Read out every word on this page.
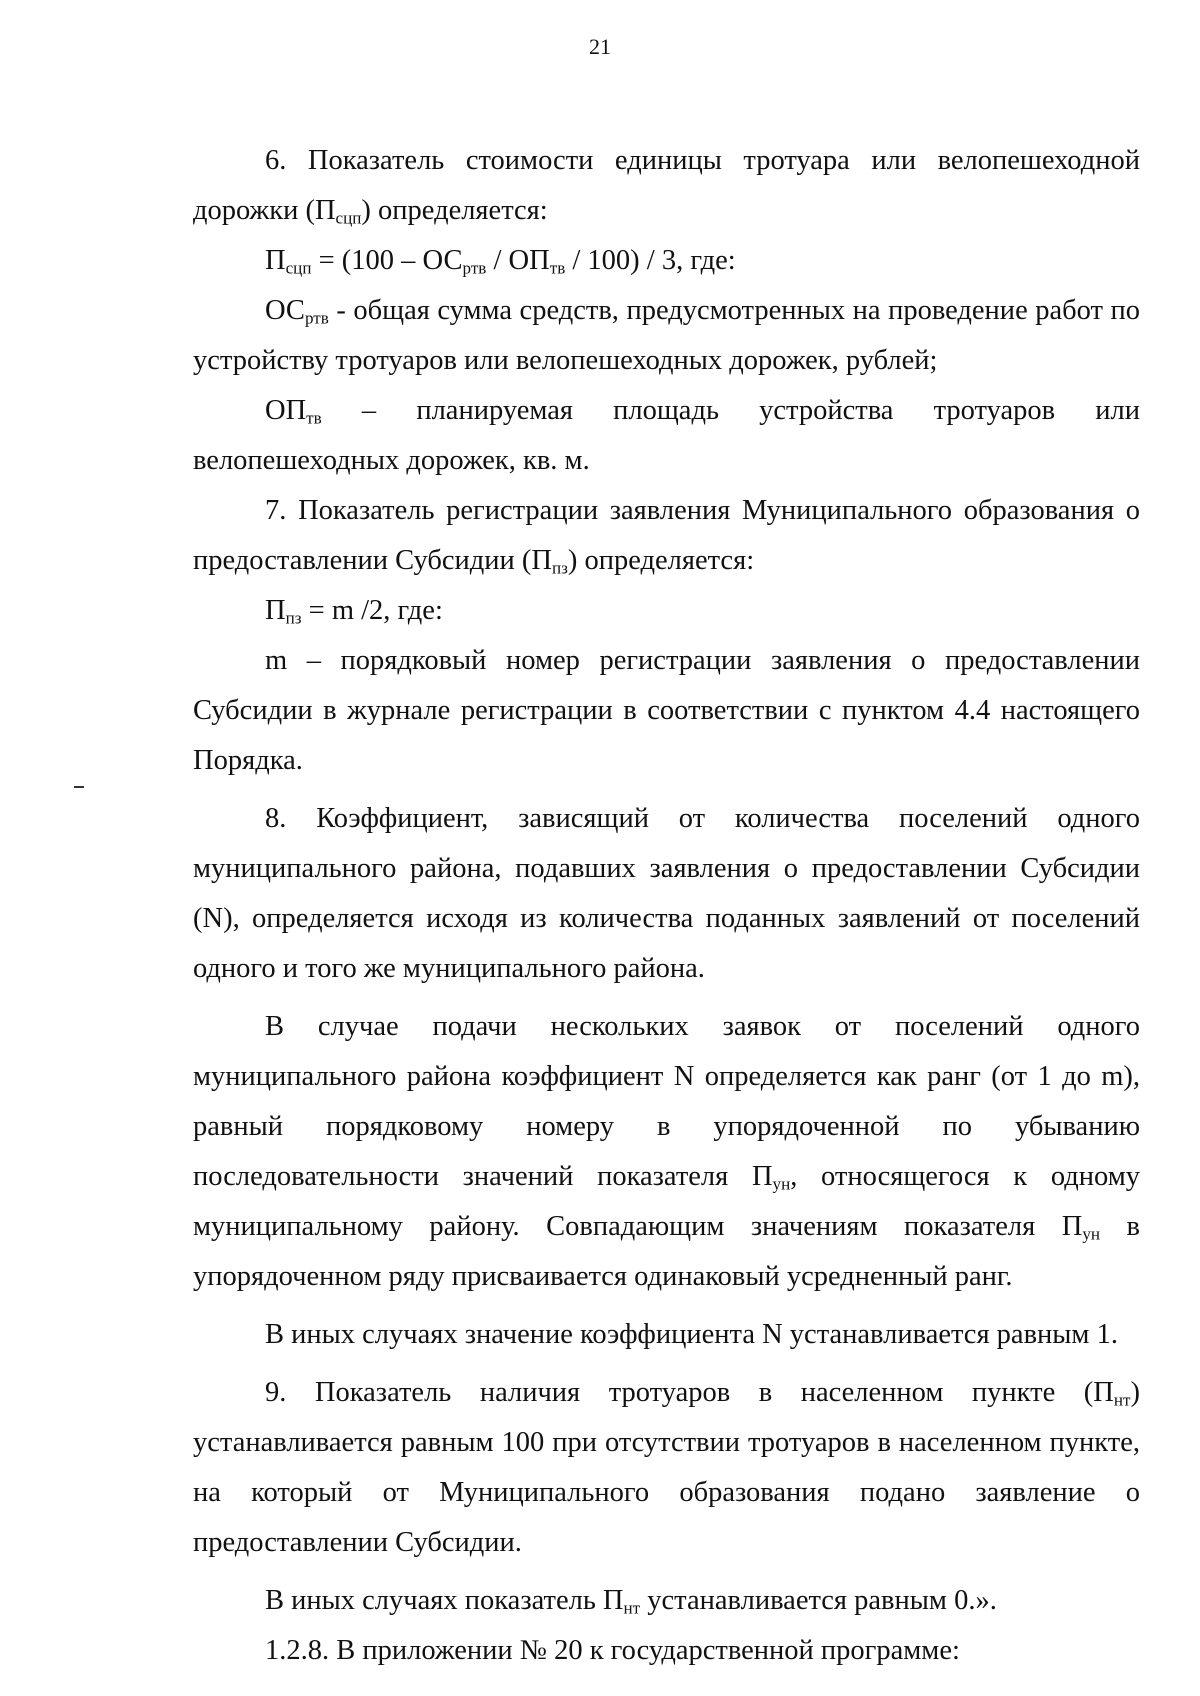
21

6. Показатель стоимости единицы тротуара или велопешеходной

дорожки $(П_{сцп})$ определяется:

$П_{сцп} = (100 - ОС_{ртв} / ОП_{тв} / 100) / 3$, где:

$ОС_{ртв}$ - общая сумма средств, предусмотренных на проведение работ по устройству тротуаров или велопешеходных дорожек, рублей;

$ОП_{тв}$ – планируемая площадь устройства тротуаров или

велопешеходных дорожек, кв. м.

7. Показатель регистрации заявления Муниципального образования о предоставлении Субсидии $(П_{пз})$ определяется:

$П_{пз} = m$ /2, где:

m – порядковый номер регистрации заявления о предоставлении Субсидии в журнале регистрации в соответствии с пунктом 4.4 настоящего Порядка.

8. Коэффициент, зависящий от количества поселений одного муниципального района, подавших заявления о предоставлении Субсидии (N), определяется исходя из количества поданных заявлений от поселений одного и того же муниципального района.

В случае подачи нескольких заявок от поселений одного муниципального района коэффициент N определяется как ранг (от 1 до m), равный порядковому номеру в упорядоченной по убыванию последовательности значений показателя $П_{ун}$, относящегося к одному муниципальному району. Совпадающим значениям показателя $П_{ун}$ в упорядоченном ряду присваивается одинаковый усредненный ранг.

В иных случаях значение коэффициента N устанавливается равным 1.

9. Показатель наличия тротуаров в населенном пункте $(П_{нт})$ устанавливается равным 100 при отсутствии тротуаров в населенном пункте, на который от Муниципального образования подано заявление о предоставлении Субсидии.

В иных случаях показатель $П_{нт}$ устанавливается равным 0.».

1.2.8. В приложении № 20 к государственной программе:
